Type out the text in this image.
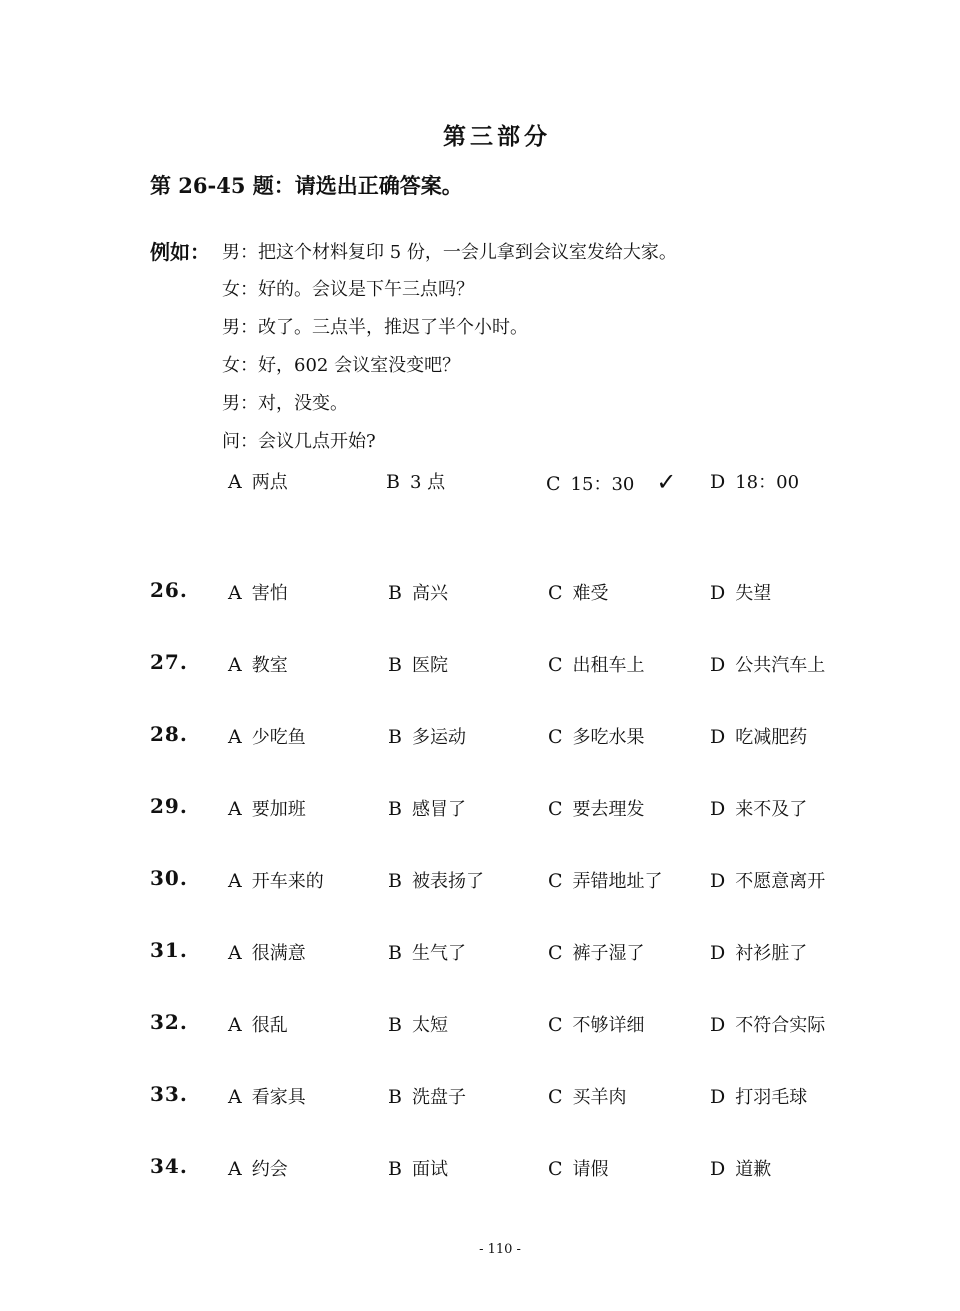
第三部分
第 26-45 题：请选出正确答案。
例如： 男：把这个材料复印 5 份，一会儿拿到会议室发给大家。
女：好的。会议是下午三点吗？
男：改了。三点半，推迟了半个小时。
女：好，602 会议室没变吧？
男：对，没变。
问：会议几点开始?
A 两点	B 3 点	C 15：30 ✓ D 18：00
26. A 害怕	B 高兴	C 难受	D 失望
27. A 教室	B 医院	C 出租车上	D 公共汽车上
28. A 少吃鱼	B 多运动	C 多吃水果	D 吃减肥药
29. A 要加班	B 感冒了	C 要去理发	D 来不及了
30. A 开车来的	B 被表扬了	C 弄错地址了 D 不愿意离开
31. A 很满意	B 生气了	C 裤子湿了	D 衬衫脏了
32. A 很乱	B 太短	C 不够详细	D 不符合实际
33. A 看家具	B 洗盘子	C 买羊肉	D 打羽毛球
34. A 约会	B 面试	C 请假	D 道歉
- 110 -
